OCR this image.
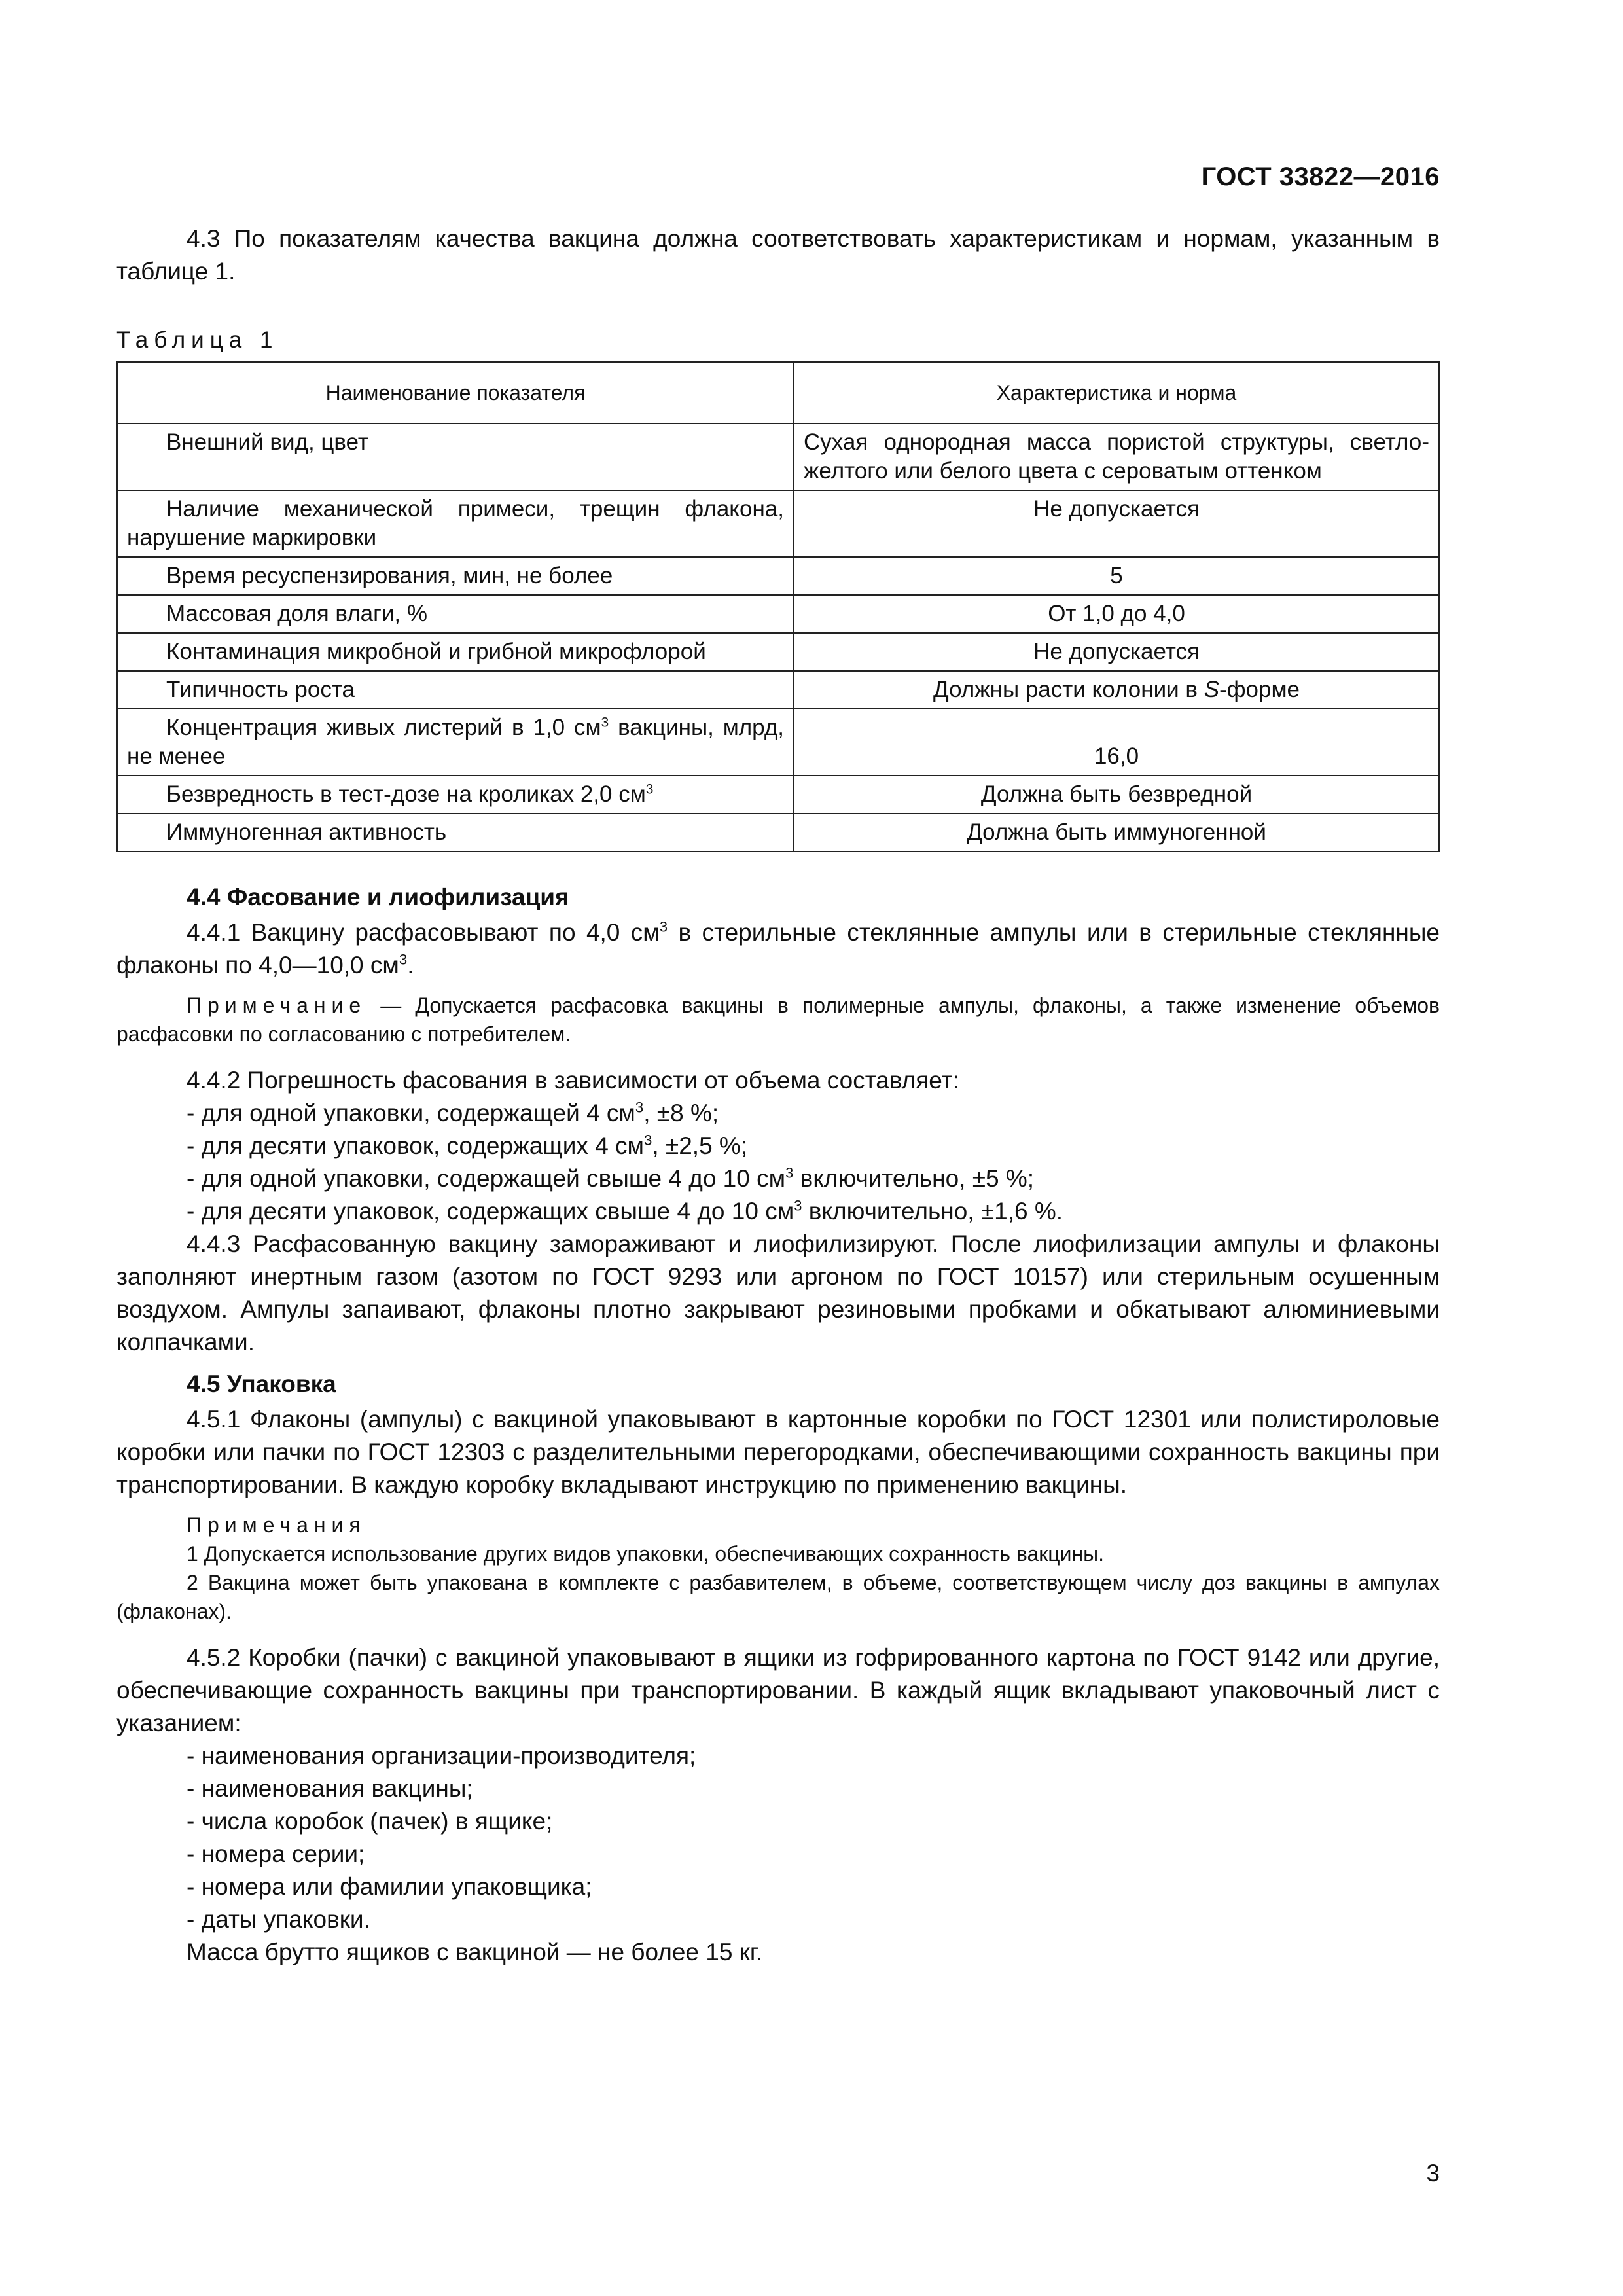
ГОСТ 33822—2016

4.3 По показателям качества вакцина должна соответствовать характеристикам и нормам, указанным в таблице 1.

Таблица 1
Наименование показателя	Характеристика и норма
Внешний вид, цвет	Сухая однородная масса пористой структуры, светло-желтого или белого цвета с сероватым оттенком
Наличие механической примеси, трещин флакона, нарушение маркировки	Не допускается
Время ресуспензирования, мин, не более	5
Массовая доля влаги, %	От 1,0 до 4,0
Контаминация микробной и грибной микрофлорой	Не допускается
Типичность роста	Должны расти колонии в S-форме
Концентрация живых листерий в 1,0 $см^3$ вакцины, млрд, не менее	16,0
Безвредность в тест-дозе на кроликах 2,0 $см^3$	Должна быть безвредной
Иммуногенная активность	Должна быть иммуногенной
4.4 Фасование и лиофилизация

4.4.1 Вакцину расфасовывают по 4,0 $см^3$ в стерильные стеклянные ампулы или в стерильные стеклянные флаконы по 4,0—10,0 $см^3$.

Примечание — Допускается расфасовка вакцины в полимерные ампулы, флаконы, а также изменение объемов расфасовки по согласованию с потребителем.

4.4.2 Погрешность фасования в зависимости от объема составляет:

- для одной упаковки, содержащей 4 $см^3$, ±8 %;

- для десяти упаковок, содержащих 4 $см^3$, ±2,5 %;

- для одной упаковки, содержащей свыше 4 до 10 $см^3$ включительно, ±5 %;

- для десяти упаковок, содержащих свыше 4 до 10 $см^3$ включительно, ±1,6 %.

4.4.3 Расфасованную вакцину замораживают и лиофилизируют. После лиофилизации ампулы и флаконы заполняют инертным газом (азотом по ГОСТ 9293 или аргоном по ГОСТ 10157) или стерильным осушенным воздухом. Ампулы запаивают, флаконы плотно закрывают резиновыми пробками и обкатывают алюминиевыми колпачками.

4.5 Упаковка

4.5.1 Флаконы (ампулы) с вакциной упаковывают в картонные коробки по ГОСТ 12301 или полистироловые коробки или пачки по ГОСТ 12303 с разделительными перегородками, обеспечивающими сохранность вакцины при транспортировании. В каждую коробку вкладывают инструкцию по применению вакцины.

Примечания

1 Допускается использование других видов упаковки, обеспечивающих сохранность вакцины.

2 Вакцина может быть упакована в комплекте с разбавителем, в объеме, соответствующем числу доз вакцины в ампулах (флаконах).

4.5.2 Коробки (пачки) с вакциной упаковывают в ящики из гофрированного картона по ГОСТ 9142 или другие, обеспечивающие сохранность вакцины при транспортировании. В каждый ящик вкладывают упаковочный лист с указанием:

- наименования организации-производителя;

- наименования вакцины;

- числа коробок (пачек) в ящике;

- номера серии;

- номера или фамилии упаковщика;

- даты упаковки.

Масса брутто ящиков с вакциной — не более 15 кг.

3
